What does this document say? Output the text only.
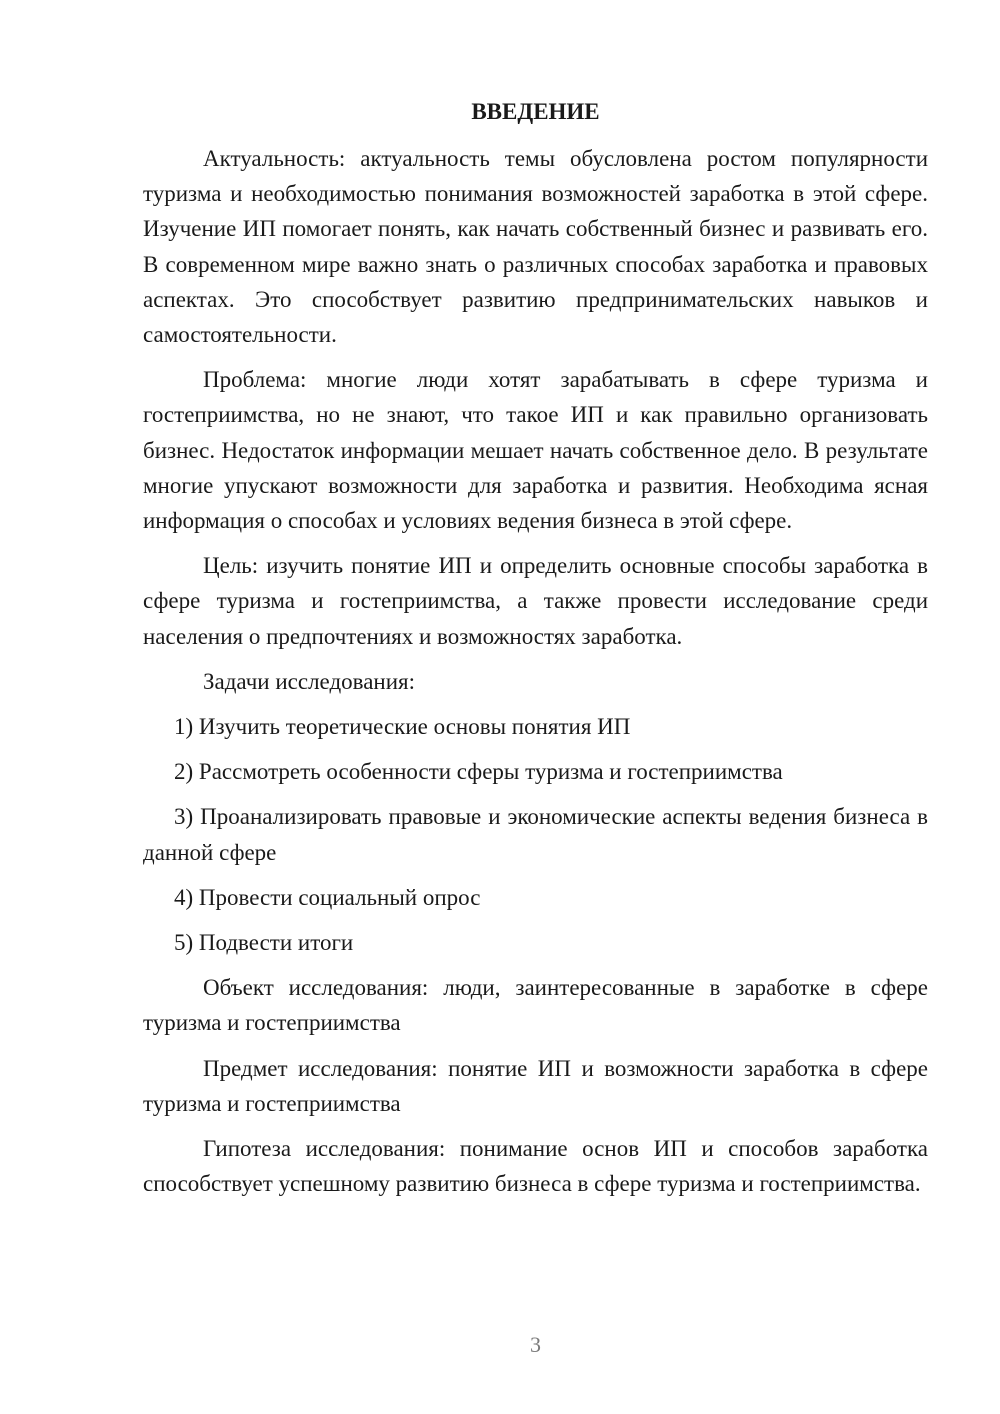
ВВЕДЕНИЕ

Актуальность: актуальность темы обусловлена ростом популярности туризма и необходимостью понимания возможностей заработка в этой сфере. Изучение ИП помогает понять, как начать собственный бизнес и развивать его. В современном мире важно знать о различных способах заработка и правовых аспектах. Это способствует развитию предпринимательских навыков и самостоятельности.

Проблема: многие люди хотят зарабатывать в сфере туризма и гостеприимства, но не знают, что такое ИП и как правильно организовать бизнес. Недостаток информации мешает начать собственное дело. В результате многие упускают возможности для заработка и развития. Необходима ясная информация о способах и условиях ведения бизнеса в этой сфере.

Цель: изучить понятие ИП и определить основные способы заработка в сфере туризма и гостеприимства, а также провести исследование среди населения о предпочтениях и возможностях заработка.

Задачи исследования:

1) Изучить теоретические основы понятия ИП

2) Рассмотреть особенности сферы туризма и гостеприимства

3) Проанализировать правовые и экономические аспекты ведения бизнеса в данной сфере

4) Провести социальный опрос

5) Подвести итоги

Объект исследования: люди, заинтересованные в заработке в сфере туризма и гостеприимства

Предмет исследования: понятие ИП и возможности заработка в сфере туризма и гостеприимства

Гипотеза исследования: понимание основ ИП и способов заработка способствует успешному развитию бизнеса в сфере туризма и гостеприимства.

3
